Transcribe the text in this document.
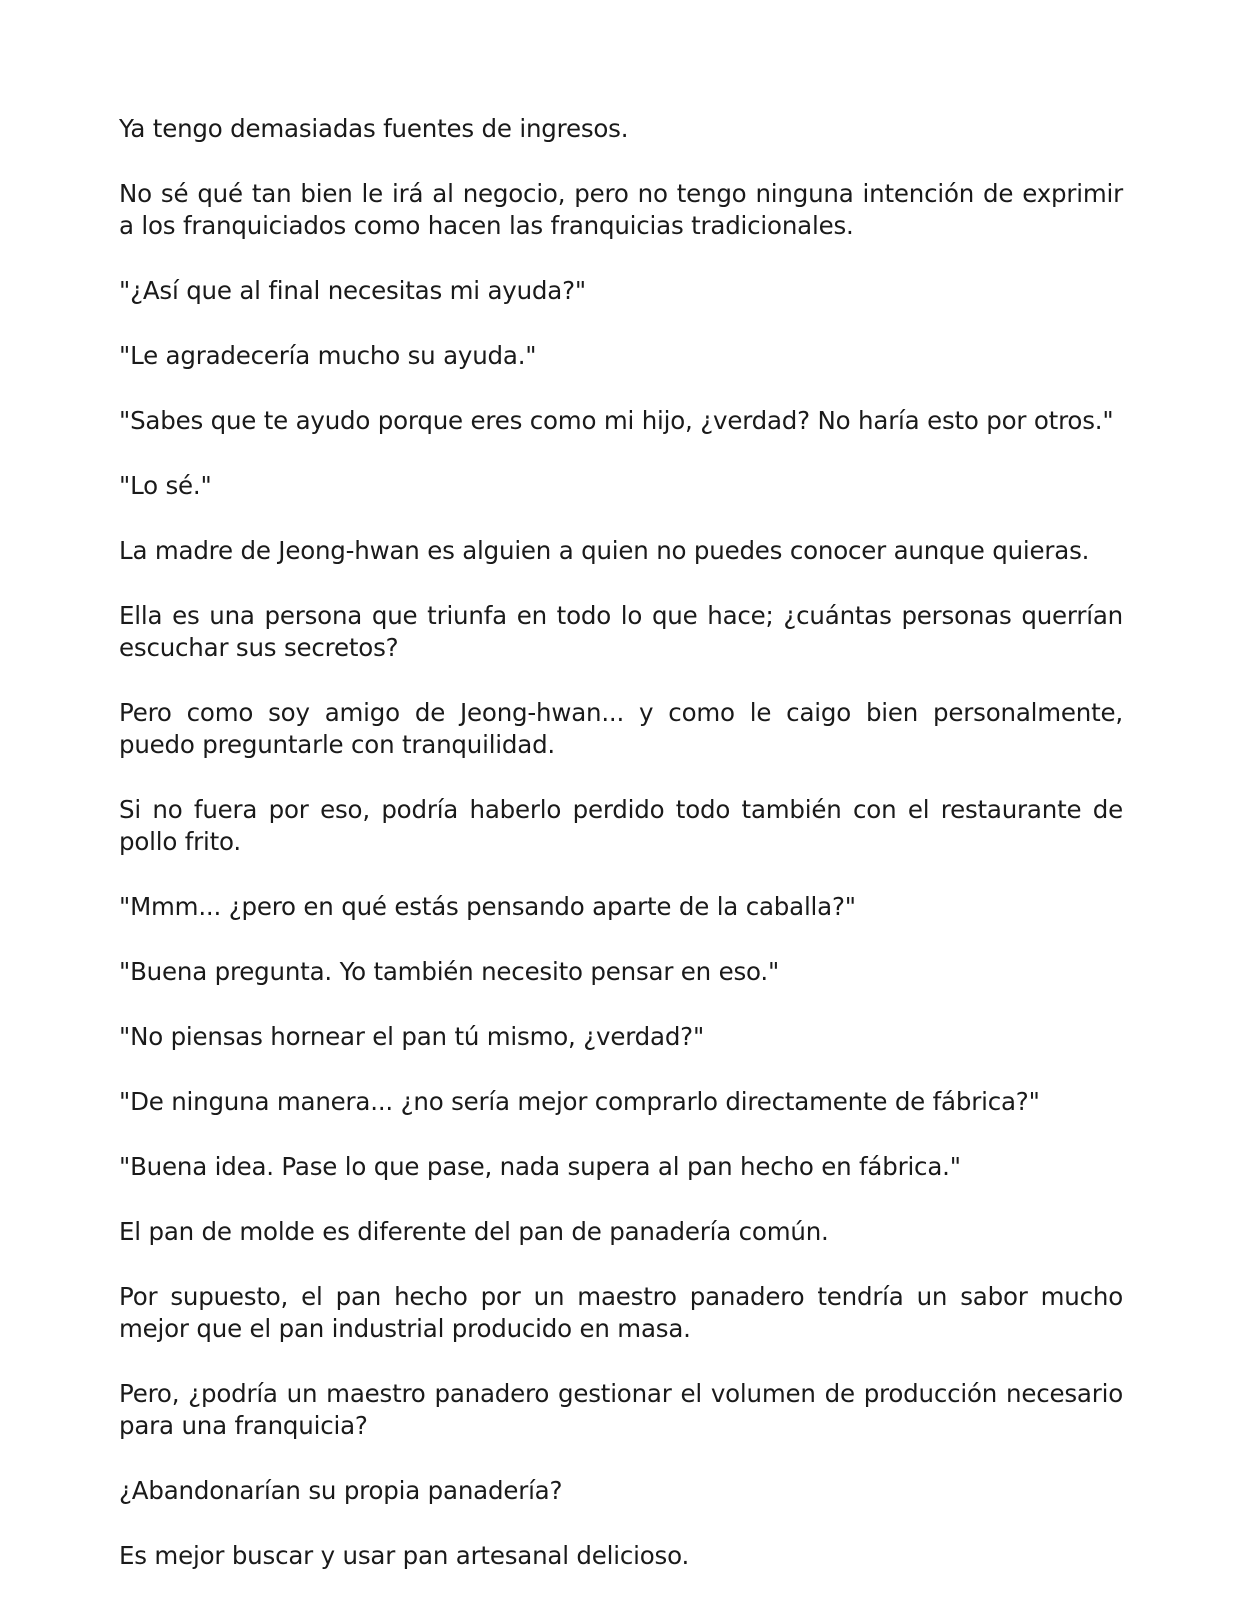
Ya tengo demasiadas fuentes de ingresos.

No sé qué tan bien le irá al negocio, pero no tengo ninguna intención de exprimir a los franquiciados como hacen las franquicias tradicionales.

"¿Así que al final necesitas mi ayuda?"

"Le agradecería mucho su ayuda."

"Sabes que te ayudo porque eres como mi hijo, ¿verdad? No haría esto por otros."

"Lo sé."

La madre de Jeong-hwan es alguien a quien no puedes conocer aunque quieras.

Ella es una persona que triunfa en todo lo que hace; ¿cuántas personas querrían escuchar sus secretos?

Pero como soy amigo de Jeong-hwan... y como le caigo bien personalmente, puedo preguntarle con tranquilidad.

Si no fuera por eso, podría haberlo perdido todo también con el restaurante de pollo frito.

"Mmm... ¿pero en qué estás pensando aparte de la caballa?"

"Buena pregunta. Yo también necesito pensar en eso."

"No piensas hornear el pan tú mismo, ¿verdad?"

"De ninguna manera... ¿no sería mejor comprarlo directamente de fábrica?"

"Buena idea. Pase lo que pase, nada supera al pan hecho en fábrica."

El pan de molde es diferente del pan de panadería común.

Por supuesto, el pan hecho por un maestro panadero tendría un sabor mucho mejor que el pan industrial producido en masa.

Pero, ¿podría un maestro panadero gestionar el volumen de producción necesario para una franquicia?

¿Abandonarían su propia panadería?

Es mejor buscar y usar pan artesanal delicioso.
